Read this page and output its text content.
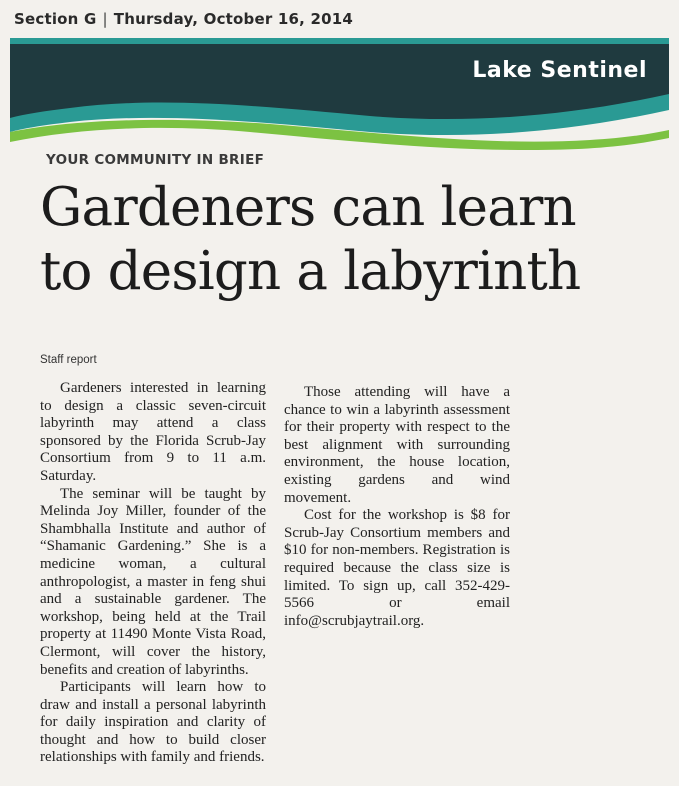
Section G | Thursday, October 16, 2014
Lake Sentinel
YOUR COMMUNITY IN BRIEF
Gardeners can learn
to design a labyrinth
Staff report

Gardeners interested in learning to design a classic seven-circuit labyrinth may attend a class sponsored by the Florida Scrub-Jay Consortium from 9 to 11 a.m. Saturday.

The seminar will be taught by Melinda Joy Miller, founder of the Shambhalla Institute and author of “Shamanic Gardening.” She is a medicine woman, a cultural anthropologist, a master in feng shui and a sustainable gardener. The workshop, being held at the Trail property at 11490 Monte Vista Road, Clermont, will cover the history, benefits and creation of labyrinths.

Participants will learn how to draw and install a personal labyrinth for daily inspiration and clarity of thought and how to build closer relationships with family and friends.

Those attending will have a chance to win a labyrinth assessment for their property with respect to the best alignment with surrounding environment, the house location, existing gardens and wind movement.

Cost for the workshop is $8 for Scrub-Jay Consortium members and $10 for non-members. Registration is required because the class size is limited. To sign up, call 352-429-5566 or email info@scrubjaytrail.org.
